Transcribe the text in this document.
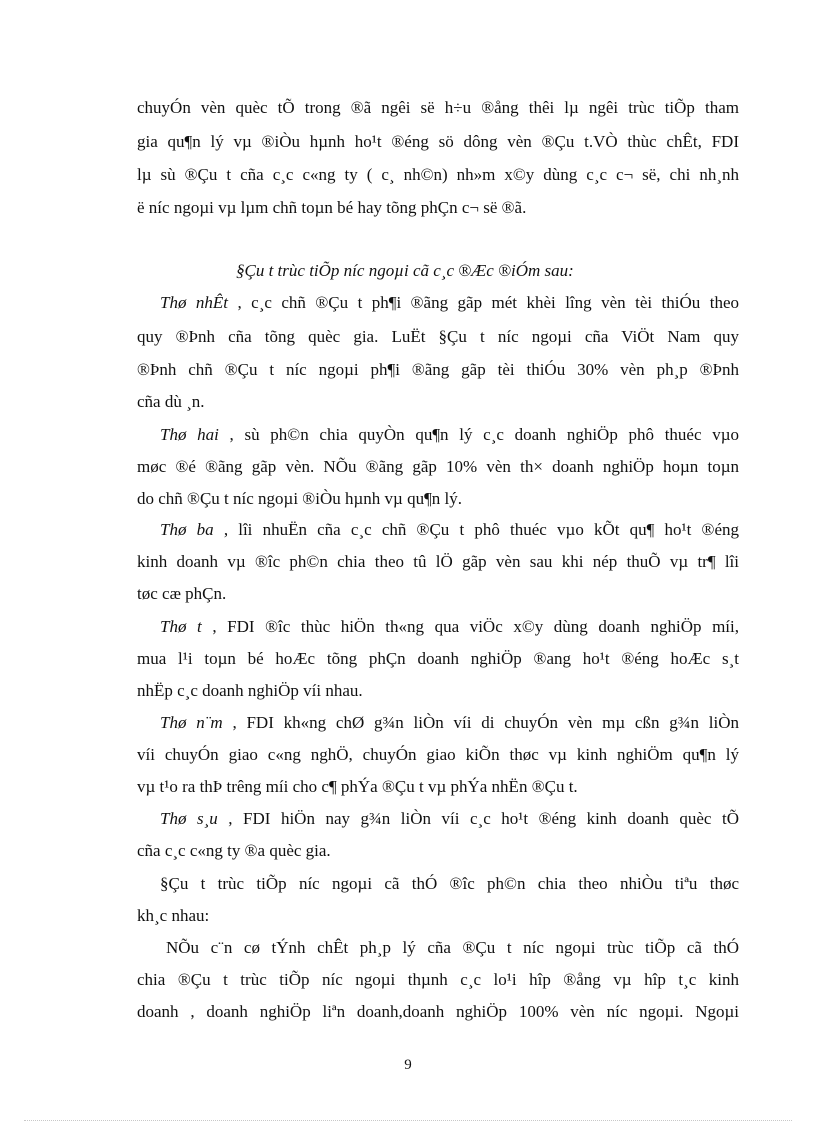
chuyÓn vèn quèc tÕ trong ®ã ngêi së h÷u ®ång thêi lµ ngêi trùc tiÕp tham
gia qu¶n lý vµ ®iÒu hµnh ho¹t ®éng sö dông vèn ®Çu t.VÒ thùc chÊt, FDI
lµ sù ®Çu t cña c¸c c«ng ty ( c¸ nh©n) nh»m x©y dùng c¸c c¬ së, chi nh¸nh
ë níc ngoµi vµ lµm chñ toµn bé hay tõng phÇn c¬ së ®ã.
§Çu t trùc tiÕp níc ngoµi cã c¸c ®Æc ®iÓm sau:
Thø nhÊt , c¸c chñ ®Çu t ph¶i ®ãng gãp mét khèi lîng vèn tèi thiÓu theo
quy ®Þnh cña tõng quèc gia. LuËt §Çu t níc ngoµi cña ViÖt Nam quy
®Þnh chñ ®Çu t níc ngoµi ph¶i ®ãng gãp tèi thiÓu 30% vèn ph¸p ®Þnh
cña dù ¸n.
Thø hai , sù ph©n chia quyÒn qu¶n lý c¸c doanh nghiÖp phô thuéc vµo
møc ®é ®ãng gãp vèn. NÕu ®ãng gãp 10% vèn th× doanh nghiÖp hoµn toµn
do chñ ®Çu t níc ngoµi ®iÒu hµnh vµ qu¶n lý.
Thø ba , lîi nhuËn cña c¸c chñ ®Çu t phô thuéc vµo kÕt qu¶ ho¹t ®éng
kinh doanh vµ ®îc ph©n chia theo tû lÖ gãp vèn sau khi nép thuÕ vµ tr¶ lîi
tøc cæ phÇn.
Thø t , FDI ®îc thùc hiÖn th«ng qua viÖc x©y dùng doanh nghiÖp míi,
mua l¹i toµn bé hoÆc tõng phÇn doanh nghiÖp ®ang ho¹t ®éng hoÆc s¸t
nhËp c¸c doanh nghiÖp víi nhau.
Thø n¨m , FDI kh«ng chØ g¾n liÒn víi di chuyÓn vèn mµ cßn g¾n liÒn
víi chuyÓn giao c«ng nghÖ, chuyÓn giao kiÕn thøc vµ kinh nghiÖm qu¶n lý
vµ t¹o ra thÞ trêng míi cho c¶ phÝa ®Çu t vµ phÝa nhËn ®Çu t.
Thø s¸u , FDI hiÖn nay g¾n liÒn víi c¸c ho¹t ®éng kinh doanh quèc tÕ
cña c¸c c«ng ty ®a quèc gia.
§Çu t trùc tiÕp níc ngoµi cã thÓ ®îc ph©n chia theo nhiÒu tiªu thøc
kh¸c nhau:
NÕu c¨n cø tÝnh chÊt ph¸p lý cña ®Çu t níc ngoµi trùc tiÕp cã thÓ
chia ®Çu t trùc tiÕp níc ngoµi thµnh c¸c lo¹i hîp ®ång vµ hîp t¸c kinh
doanh , doanh nghiÖp liªn doanh,doanh nghiÖp 100% vèn níc ngoµi. Ngoµi
9
